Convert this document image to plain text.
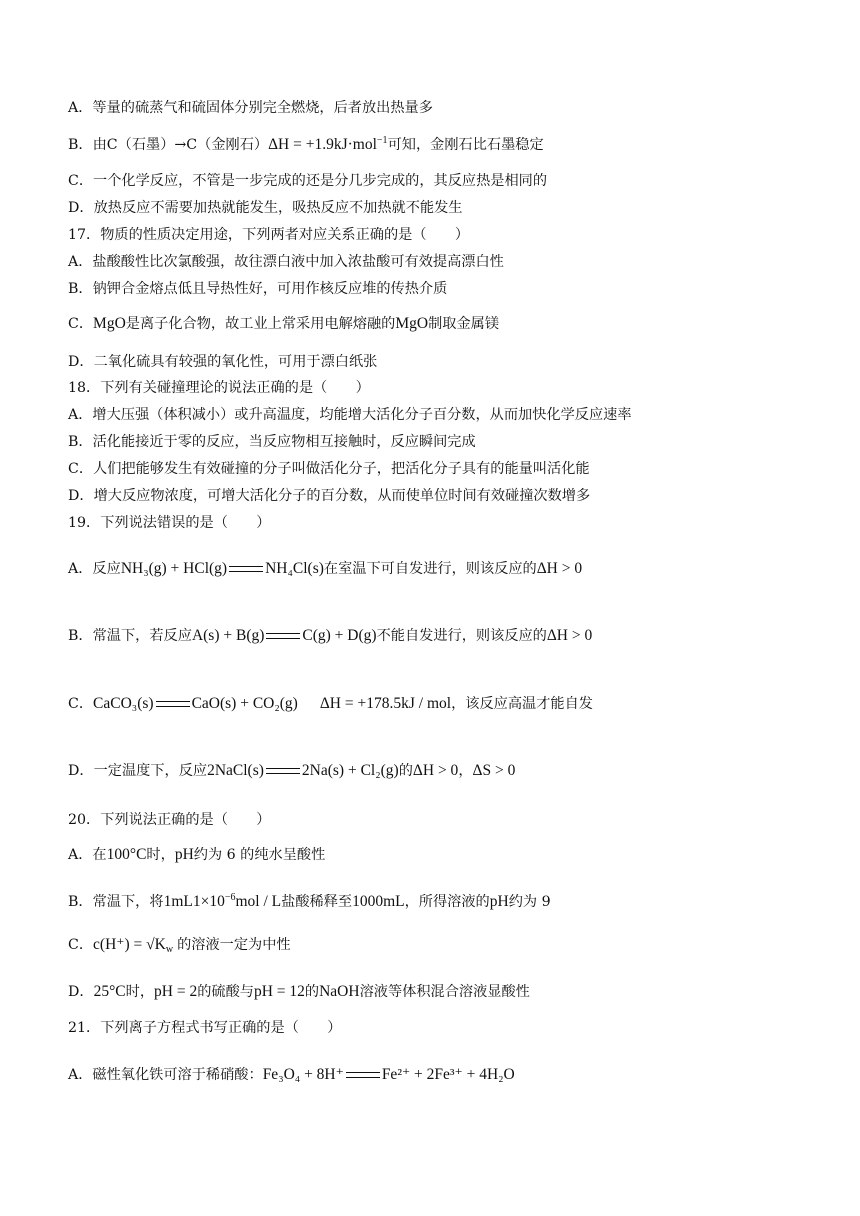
A．等量的硫蒸气和硫固体分别完全燃烧，后者放出热量多
B．由C（石墨）→C（金刚石）ΔH = +1.9kJ·mol$^{-1}$可知，金刚石比石墨稳定
C．一个化学反应，不管是一步完成的还是分几步完成的，其反应热是相同的
D．放热反应不需要加热就能发生，吸热反应不加热就不能发生
17．物质的性质决定用途，下列两者对应关系正确的是（　　）
A．盐酸酸性比次氯酸强，故往漂白液中加入浓盐酸可有效提高漂白性
B．钠钾合金熔点低且导热性好，可用作核反应堆的传热介质
C．MgO是离子化合物，故工业上常采用电解熔融的MgO制取金属镁
D．二氧化硫具有较强的氧化性，可用于漂白纸张
18．下列有关碰撞理论的说法正确的是（　　）
A．增大压强（体积减小）或升高温度，均能增大活化分子百分数，从而加快化学反应速率
B．活化能接近于零的反应，当反应物相互接触时，反应瞬间完成
C．人们把能够发生有效碰撞的分子叫做活化分子，把活化分子具有的能量叫活化能
D．增大反应物浓度，可增大活化分子的百分数，从而使单位时间有效碰撞次数增多
19．下列说法错误的是（　　）
A．反应NH₃(g) + HCl(g) NH₄Cl(s)在室温下可自发进行，则该反应的ΔH > 0
B．常温下，若反应A(s) + B(g) C(g) + D(g)不能自发进行，则该反应的ΔH > 0
C．CaCO₃(s) CaO(s) + CO₂(g) ΔH = +178.5kJ / mol，该反应高温才能自发
D．一定温度下，反应2NaCl(s) 2Na(s) + Cl₂(g)的ΔH > 0，ΔS > 0
20．下列说法正确的是（　　）
A．在100°C时，pH约为 6 的纯水呈酸性
B．常温下，将$1mL1\times 10^{-6}mol / L$盐酸稀释至1000mL，所得溶液的pH约为 9
C．$c(H^+) = √K_w$ 的溶液一定为中性
D．25°C时，pH = 2的硫酸与pH = 12的NaOH溶液等体积混合溶液显酸性
21．下列离子方程式书写正确的是（　　）
A．磁性氧化铁可溶于稀硝酸：Fe₃O₄ + 8H⁺ Fe²⁺ + 2Fe³⁺ + 4H₂O
